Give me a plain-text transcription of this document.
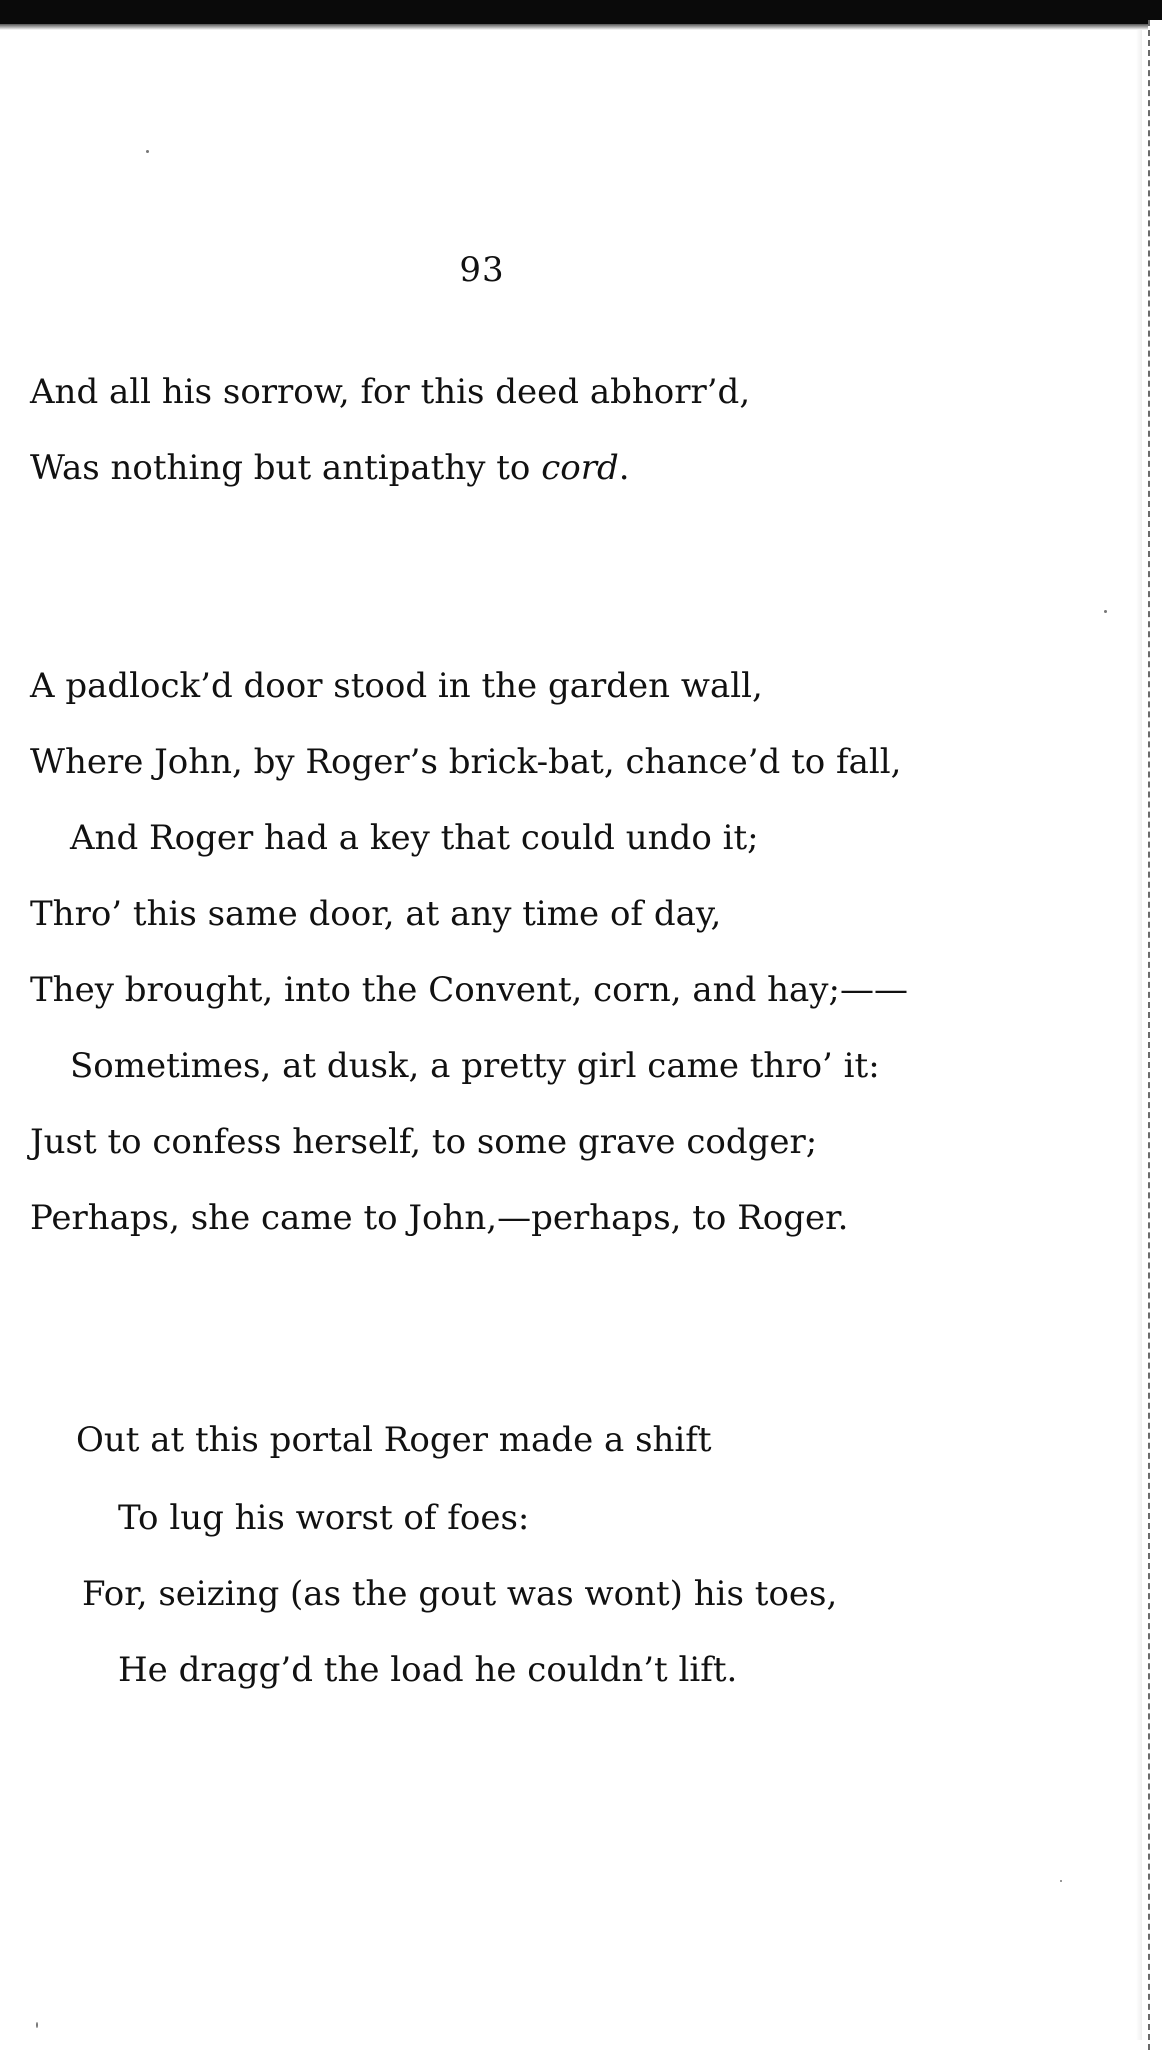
93
And all his sorrow, for this deed abhorr’d,
Was nothing but antipathy to cord.
A padlock’d door stood in the garden wall,
Where John, by Roger’s brick-bat, chance’d to fall,
And Roger had a key that could undo it;
Thro’ this same door, at any time of day,
They brought, into the Convent, corn, and hay;——
Sometimes, at dusk, a pretty girl came thro’ it:
Just to confess herself, to some grave codger;
Perhaps, she came to John,—perhaps, to Roger.
Out at this portal Roger made a shift
To lug his worst of foes:
For, seizing (as the gout was wont) his toes,
He dragg’d the load he couldn’t lift.
